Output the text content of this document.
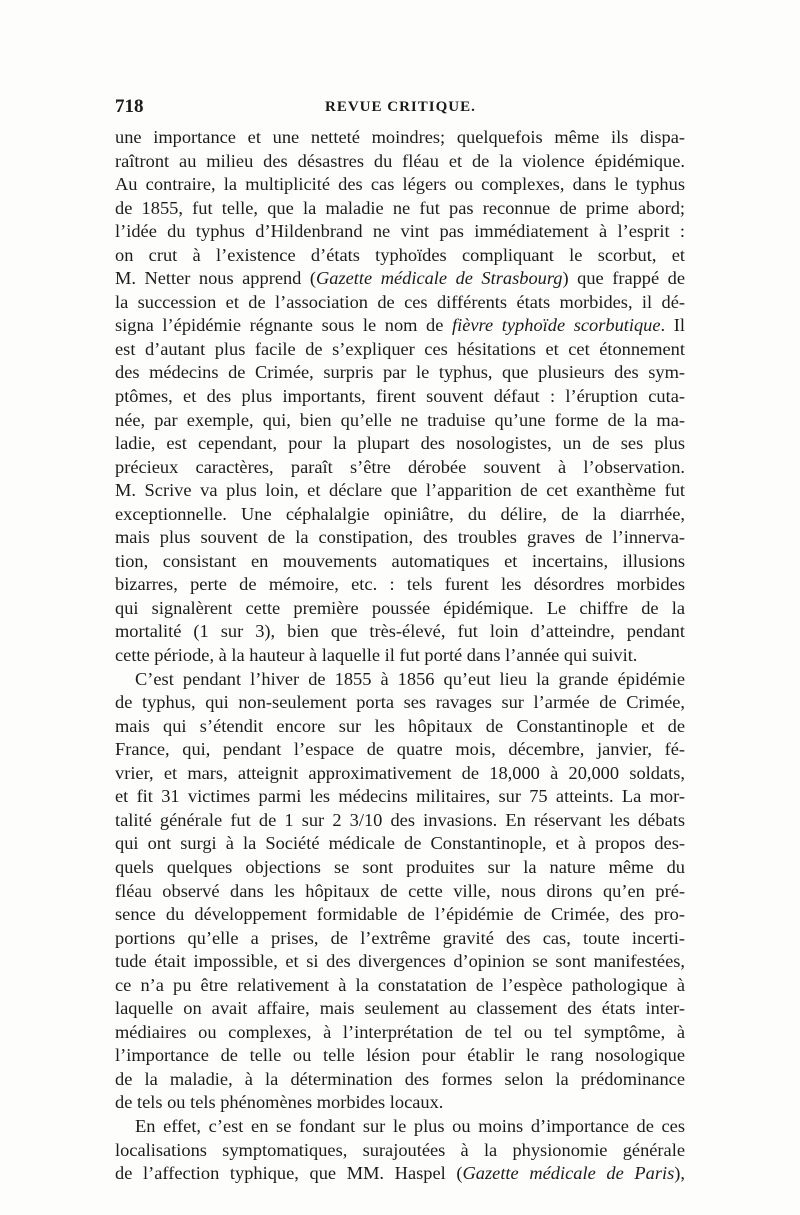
718	REVUE CRITIQUE.
une importance et une netteté moindres; quelquefois même ils dispa-
raîtront au milieu des désastres du fléau et de la violence épidémique.
Au contraire, la multiplicité des cas légers ou complexes, dans le typhus
de 1855, fut telle, que la maladie ne fut pas reconnue de prime abord;
l’idée du typhus d’Hildenbrand ne vint pas immédiatement à l’esprit :
on crut à l’existence d’états typhoïdes compliquant le scorbut, et
M. Netter nous apprend (Gazette médicale de Strasbourg) que frappé de
la succession et de l’association de ces différents états morbides, il dé-
signa l’épidémie régnante sous le nom de fièvre typhoïde scorbutique. Il
est d’autant plus facile de s’expliquer ces hésitations et cet étonnement
des médecins de Crimée, surpris par le typhus, que plusieurs des sym-
ptômes, et des plus importants, firent souvent défaut : l’éruption cuta-
née, par exemple, qui, bien qu’elle ne traduise qu’une forme de la ma-
ladie, est cependant, pour la plupart des nosologistes, un de ses plus
précieux caractères, paraît s’être dérobée souvent à l’observation.
M. Scrive va plus loin, et déclare que l’apparition de cet exanthème fut
exceptionnelle. Une céphalalgie opiniâtre, du délire, de la diarrhée,
mais plus souvent de la constipation, des troubles graves de l’innerva-
tion, consistant en mouvements automatiques et incertains, illusions
bizarres, perte de mémoire, etc. : tels furent les désordres morbides
qui signalèrent cette première poussée épidémique. Le chiffre de la
mortalité (1 sur 3), bien que très-élevé, fut loin d’atteindre, pendant
cette période, à la hauteur à laquelle il fut porté dans l’année qui suivit.
C’est pendant l’hiver de 1855 à 1856 qu’eut lieu la grande épidémie
de typhus, qui non-seulement porta ses ravages sur l’armée de Crimée,
mais qui s’étendit encore sur les hôpitaux de Constantinople et de
France, qui, pendant l’espace de quatre mois, décembre, janvier, fé-
vrier, et mars, atteignit approximativement de 18,000 à 20,000 soldats,
et fit 31 victimes parmi les médecins militaires, sur 75 atteints. La mor-
talité générale fut de 1 sur 2 3/10 des invasions. En réservant les débats
qui ont surgi à la Société médicale de Constantinople, et à propos des-
quels quelques objections se sont produites sur la nature même du
fléau observé dans les hôpitaux de cette ville, nous dirons qu’en pré-
sence du développement formidable de l’épidémie de Crimée, des pro-
portions qu’elle a prises, de l’extrême gravité des cas, toute incerti-
tude était impossible, et si des divergences d’opinion se sont manifestées,
ce n’a pu être relativement à la constatation de l’espèce pathologique à
laquelle on avait affaire, mais seulement au classement des états inter-
médiaires ou complexes, à l’interprétation de tel ou tel symptôme, à
l’importance de telle ou telle lésion pour établir le rang nosologique
de la maladie, à la détermination des formes selon la prédominance
de tels ou tels phénomènes morbides locaux.
En effet, c’est en se fondant sur le plus ou moins d’importance de ces
localisations symptomatiques, surajoutées à la physionomie générale
de l’affection typhique, que MM. Haspel (Gazette médicale de Paris),
